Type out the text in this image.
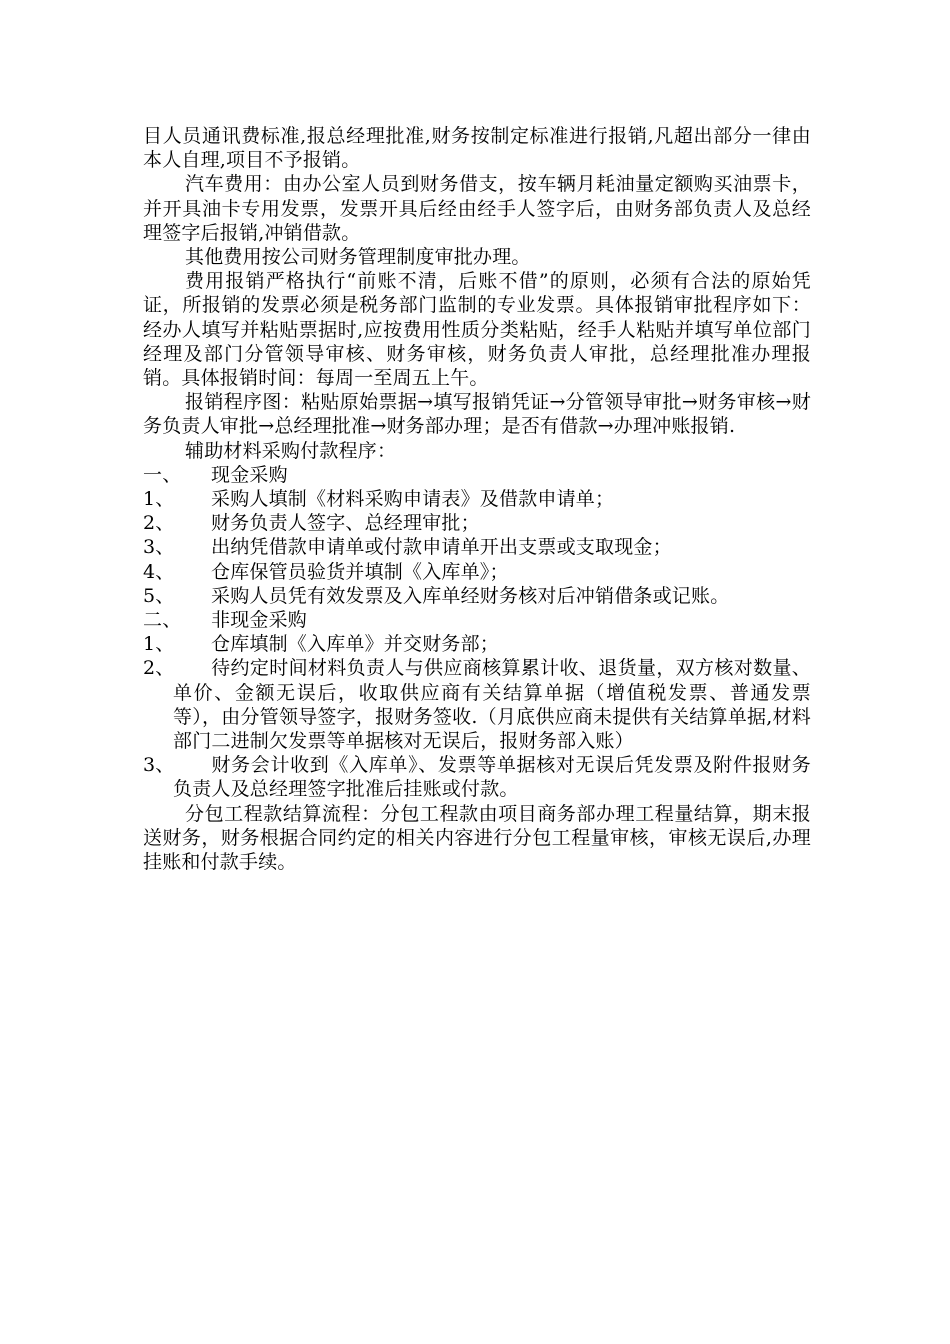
目人员通讯费标准,报总经理批准,财务按制定标准进行报销,凡超出部分一律由本人自理,项目不予报销。

汽车费用：由办公室人员到财务借支，按车辆月耗油量定额购买油票卡，并开具油卡专用发票，发票开具后经由经手人签字后，由财务部负责人及总经理签字后报销,冲销借款。

其他费用按公司财务管理制度审批办理。

费用报销严格执行“前账不清，后账不借”的原则，必须有合法的原始凭证，所报销的发票必须是税务部门监制的专业发票。具体报销审批程序如下：经办人填写并粘贴票据时,应按费用性质分类粘贴，经手人粘贴并填写单位部门经理及部门分管领导审核、财务审核，财务负责人审批，总经理批准办理报销。具体报销时间：每周一至周五上午。

报销程序图：粘贴原始票据→填写报销凭证→分管领导审批→财务审核→财务负责人审批→总经理批准→财务部办理；是否有借款→办理冲账报销.

辅助材料采购付款程序：

一、	现金采购
1、	采购人填制《材料采购申请表》及借款申请单；
2、	财务负责人签字、总经理审批；
3、	出纳凭借款申请单或付款申请单开出支票或支取现金；
4、	仓库保管员验货并填制《入库单》；
5、	采购人员凭有效发票及入库单经财务核对后冲销借条或记账。
二、	非现金采购
1、	仓库填制《入库单》并交财务部；

2、 待约定时间材料负责人与供应商核算累计收、退货量，双方核对数量、单价、金额无误后，收取供应商有关结算单据（增值税发票、普通发票等），由分管领导签字，报财务签收.（月底供应商未提供有关结算单据,材料部门二进制欠发票等单据核对无误后，报财务部入账）

3、 财务会计收到《入库单》、发票等单据核对无误后凭发票及附件报财务负责人及总经理签字批准后挂账或付款。

分包工程款结算流程：分包工程款由项目商务部办理工程量结算，期末报送财务，财务根据合同约定的相关内容进行分包工程量审核，审核无误后,办理挂账和付款手续。
